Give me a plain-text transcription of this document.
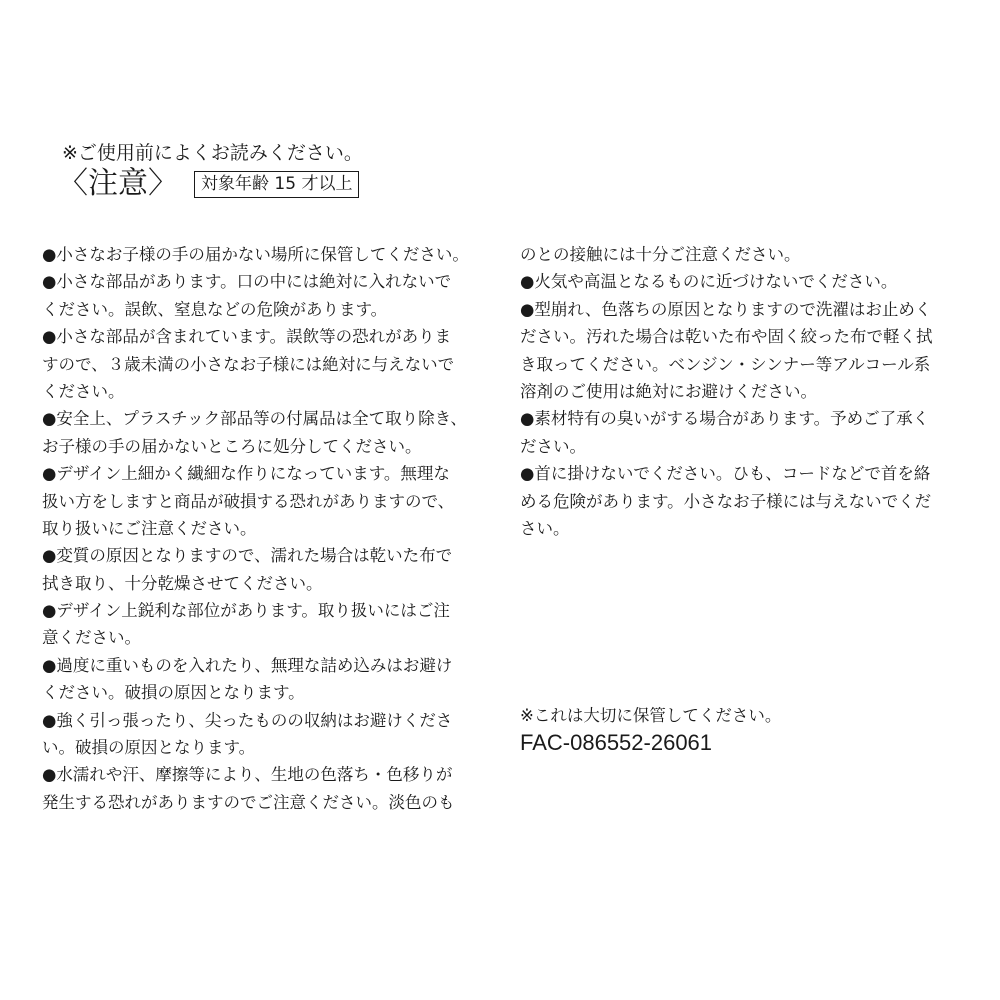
※ご使用前によくお読みください。
〈注意〉	対象年齢 15 才以上
●小さなお子様の手の届かない場所に保管してください。
●小さな部品があります。口の中には絶対に入れないで
ください。誤飲、窒息などの危険があります。
●小さな部品が含まれています。誤飲等の恐れがありま
すので、３歳未満の小さなお子様には絶対に与えないで
ください。
●安全上、プラスチック部品等の付属品は全て取り除き、
お子様の手の届かないところに処分してください。
●デザイン上細かく繊細な作りになっています。無理な
扱い方をしますと商品が破損する恐れがありますので、
取り扱いにご注意ください。
●変質の原因となりますので、濡れた場合は乾いた布で
拭き取り、十分乾燥させてください。
●デザイン上鋭利な部位があります。取り扱いにはご注
意ください。
●過度に重いものを入れたり、無理な詰め込みはお避け
ください。破損の原因となります。
●強く引っ張ったり、尖ったものの収納はお避けくださ
い。破損の原因となります。
●水濡れや汗、摩擦等により、生地の色落ち・色移りが
発生する恐れがありますのでご注意ください。淡色のも
のとの接触には十分ご注意ください。
●火気や高温となるものに近づけないでください。
●型崩れ、色落ちの原因となりますので洗濯はお止めく
ださい。汚れた場合は乾いた布や固く絞った布で軽く拭
き取ってください。ベンジン・シンナー等アルコール系
溶剤のご使用は絶対にお避けください。
●素材特有の臭いがする場合があります。予めご了承く
ださい。
●首に掛けないでください。ひも、コードなどで首を絡
める危険があります。小さなお子様には与えないでくだ
さい。
※これは大切に保管してください。
FAC-086552-26061
